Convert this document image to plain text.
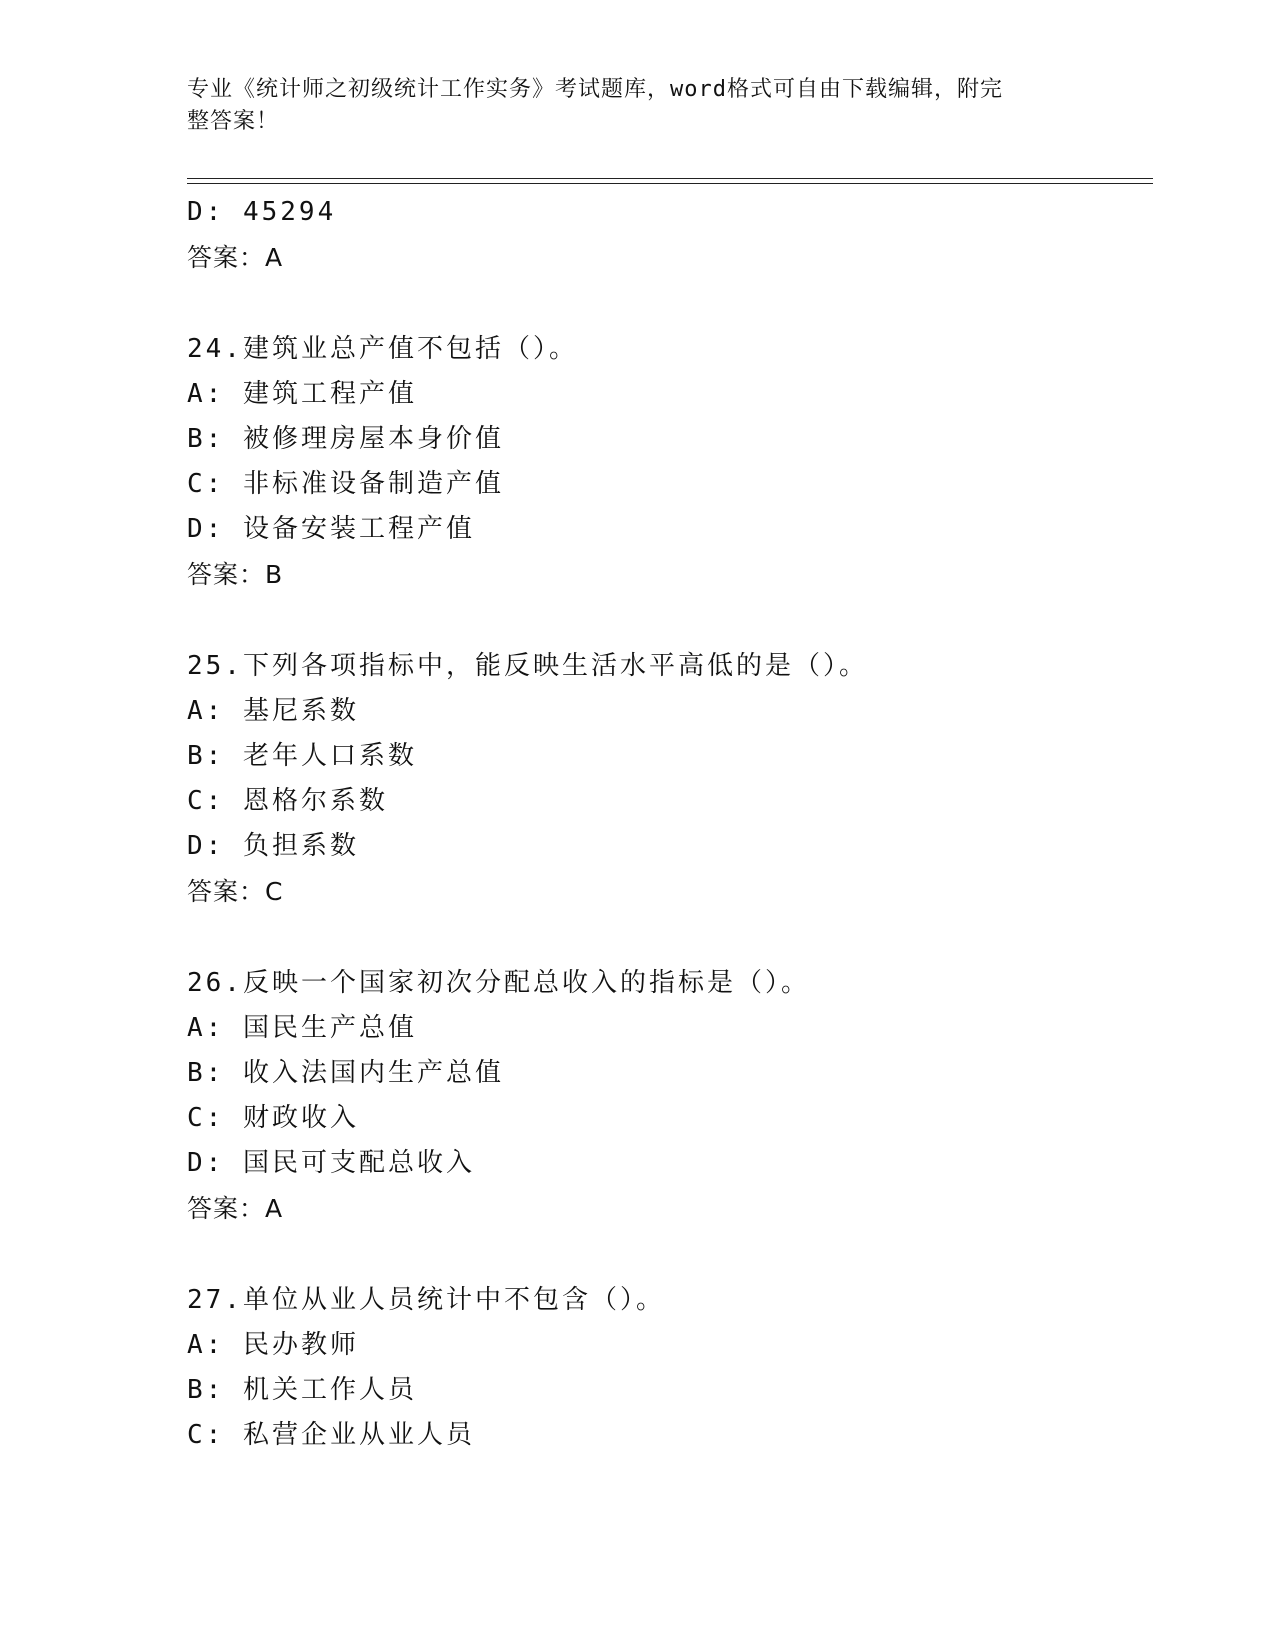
专业《统计师之初级统计工作实务》考试题库，word格式可自由下载编辑，附完
整答案！
D: 45294
答案：A
24.建筑业总产值不包括（）。
A: 建筑工程产值
B: 被修理房屋本身价值
C: 非标准设备制造产值
D: 设备安装工程产值
答案：B
25.下列各项指标中，能反映生活水平高低的是（）。
A: 基尼系数
B: 老年人口系数
C: 恩格尔系数
D: 负担系数
答案：C
26.反映一个国家初次分配总收入的指标是（）。
A: 国民生产总值
B: 收入法国内生产总值
C: 财政收入
D: 国民可支配总收入
答案：A
27.单位从业人员统计中不包含（）。
A: 民办教师
B: 机关工作人员
C: 私营企业从业人员
